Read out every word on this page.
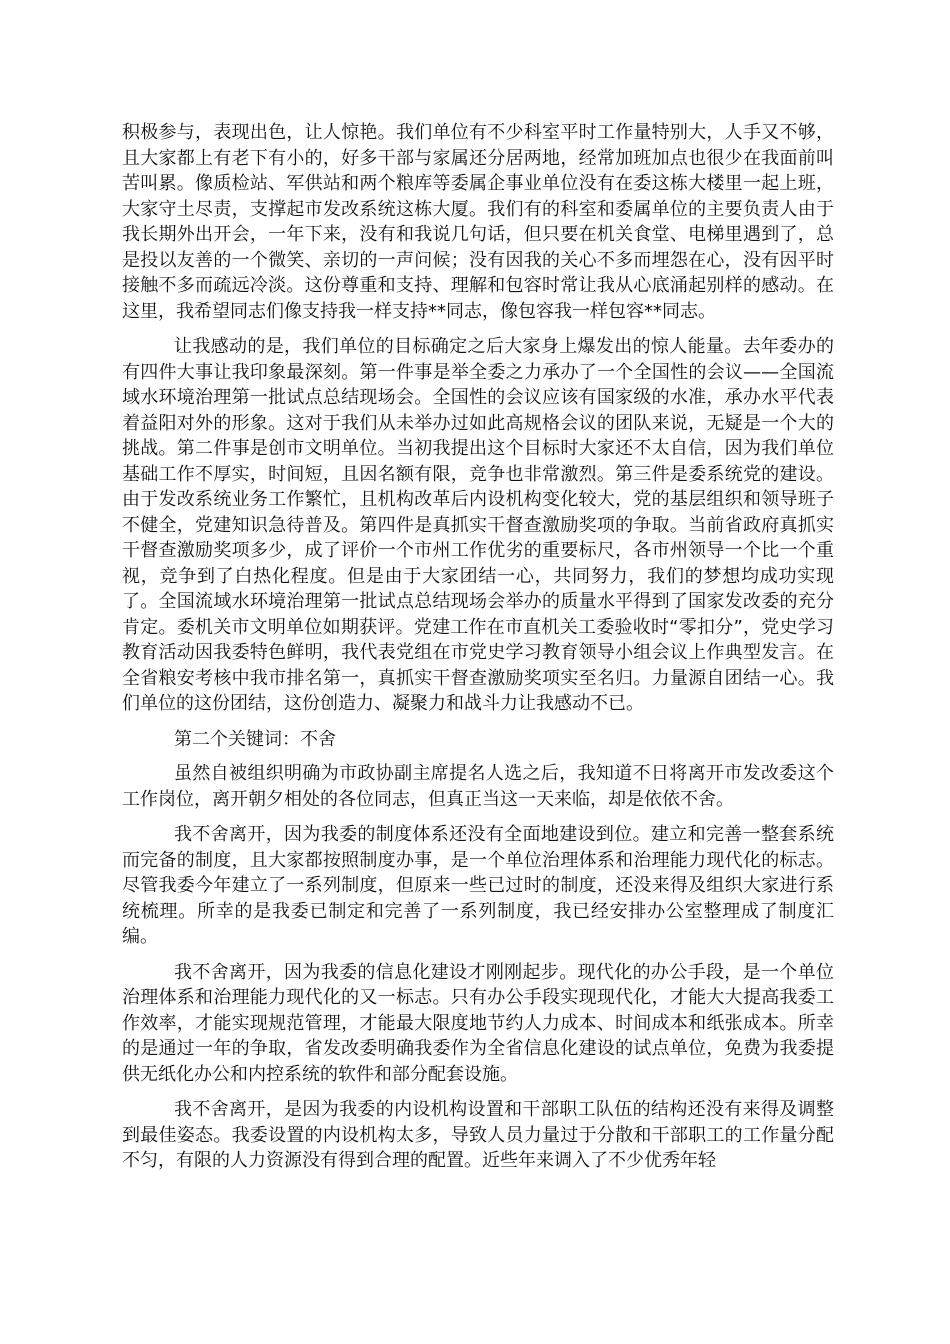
积极参与，表现出色，让人惊艳。我们单位有不少科室平时工作量特别大，人手又不够，且大家都上有老下有小的，好多干部与家属还分居两地，经常加班加点也很少在我面前叫苦叫累。像质检站、军供站和两个粮库等委属企事业单位没有在委这栋大楼里一起上班，大家守土尽责，支撑起市发改系统这栋大厦。我们有的科室和委属单位的主要负责人由于我长期外出开会，一年下来，没有和我说几句话，但只要在机关食堂、电梯里遇到了，总是投以友善的一个微笑、亲切的一声问候；没有因我的关心不多而埋怨在心，没有因平时接触不多而疏远冷淡。这份尊重和支持、理解和包容时常让我从心底涌起别样的感动。在这里，我希望同志们像支持我一样支持**同志，像包容我一样包容**同志。

让我感动的是，我们单位的目标确定之后大家身上爆发出的惊人能量。去年委办的有四件大事让我印象最深刻。第一件事是举全委之力承办了一个全国性的会议——全国流域水环境治理第一批试点总结现场会。全国性的会议应该有国家级的水准，承办水平代表着益阳对外的形象。这对于我们从未举办过如此高规格会议的团队来说，无疑是一个大的挑战。第二件事是创市文明单位。当初我提出这个目标时大家还不太自信，因为我们单位基础工作不厚实，时间短，且因名额有限，竞争也非常激烈。第三件是委系统党的建设。由于发改系统业务工作繁忙，且机构改革后内设机构变化较大，党的基层组织和领导班子不健全，党建知识急待普及。第四件是真抓实干督查激励奖项的争取。当前省政府真抓实干督查激励奖项多少，成了评价一个市州工作优劣的重要标尺，各市州领导一个比一个重视，竞争到了白热化程度。但是由于大家团结一心，共同努力，我们的梦想均成功实现了。全国流域水环境治理第一批试点总结现场会举办的质量水平得到了国家发改委的充分肯定。委机关市文明单位如期获评。党建工作在市直机关工委验收时“零扣分”，党史学习教育活动因我委特色鲜明，我代表党组在市党史学习教育领导小组会议上作典型发言。在全省粮安考核中我市排名第一，真抓实干督查激励奖项实至名归。力量源自团结一心。我们单位的这份团结，这份创造力、凝聚力和战斗力让我感动不已。

第二个关键词：不舍

虽然自被组织明确为市政协副主席提名人选之后，我知道不日将离开市发改委这个工作岗位，离开朝夕相处的各位同志，但真正当这一天来临，却是依依不舍。

我不舍离开，因为我委的制度体系还没有全面地建设到位。建立和完善一整套系统而完备的制度，且大家都按照制度办事，是一个单位治理体系和治理能力现代化的标志。尽管我委今年建立了一系列制度，但原来一些已过时的制度，还没来得及组织大家进行系统梳理。所幸的是我委已制定和完善了一系列制度，我已经安排办公室整理成了制度汇编。

我不舍离开，因为我委的信息化建设才刚刚起步。现代化的办公手段，是一个单位治理体系和治理能力现代化的又一标志。只有办公手段实现现代化，才能大大提高我委工作效率，才能实现规范管理，才能最大限度地节约人力成本、时间成本和纸张成本。所幸的是通过一年的争取，省发改委明确我委作为全省信息化建设的试点单位，免费为我委提供无纸化办公和内控系统的软件和部分配套设施。

我不舍离开，是因为我委的内设机构设置和干部职工队伍的结构还没有来得及调整到最佳姿态。我委设置的内设机构太多，导致人员力量过于分散和干部职工的工作量分配不匀，有限的人力资源没有得到合理的配置。近些年来调入了不少优秀年轻
